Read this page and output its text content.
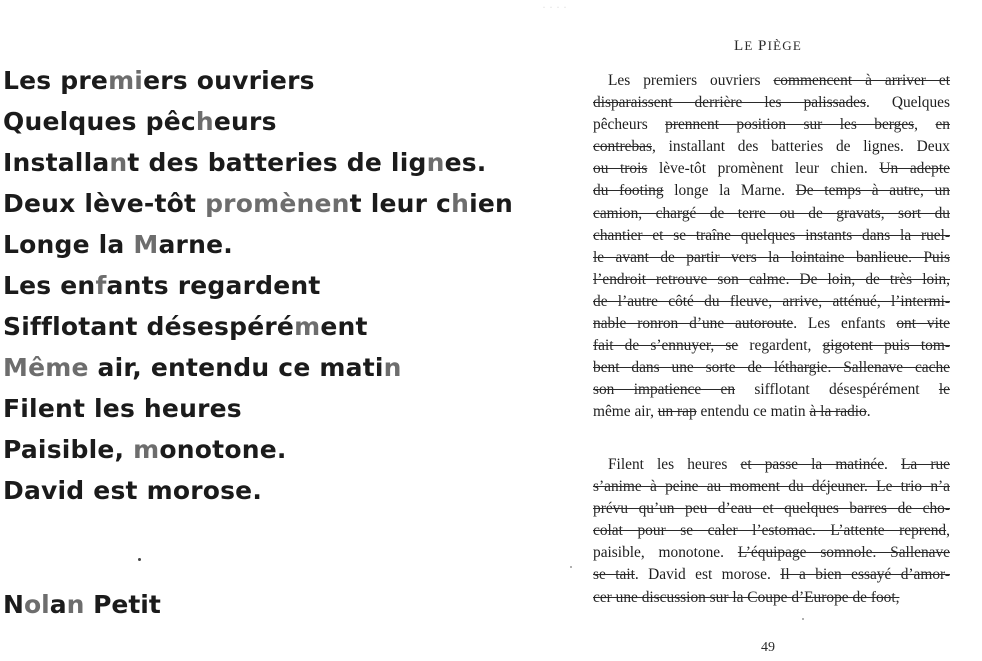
Les premiers ouvriers
Quelques pêcheurs
Installant des batteries de lignes.
Deux lève-tôt promènent leur chien
Longe la Marne.
Les enfants regardent
Sifflotant désespérément
Même air, entendu ce matin
Filent les heures
Paisible, monotone.
David est morose.
Nolan Petit
· · · ·
LE PIÈGE
Les premiers ouvriers commencent à arriver et
disparaissent derrière les palissades. Quelques
pêcheurs prennent position sur les berges, en
contrebas, installant des batteries de lignes. Deux
ou trois lève-tôt promènent leur chien. Un adepte
du footing longe la Marne. De temps à autre, un
camion, chargé de terre ou de gravats, sort du
chantier et se traîne quelques instants dans la ruel-
le avant de partir vers la lointaine banlieue. Puis
l’endroit retrouve son calme. De loin, de très loin,
de l’autre côté du fleuve, arrive, atténué, l’intermi-
nable ronron d’une autoroute. Les enfants ont vite
fait de s’ennuyer, se regardent, gigotent puis tom-
bent dans une sorte de léthargie. Sallenave cache
son impatience en sifflotant désespérément le
même air, un rap entendu ce matin à la radio.
Filent les heures et passe la matinée. La rue
s’anime à peine au moment du déjeuner. Le trio n’a
prévu qu’un peu d’eau et quelques barres de cho-
colat pour se caler l’estomac. L’attente reprend,
paisible, monotone. L’équipage somnole. Sallenave
se tait. David est morose. Il a bien essayé d’amor-
cer une discussion sur la Coupe d’Europe de foot,
49
